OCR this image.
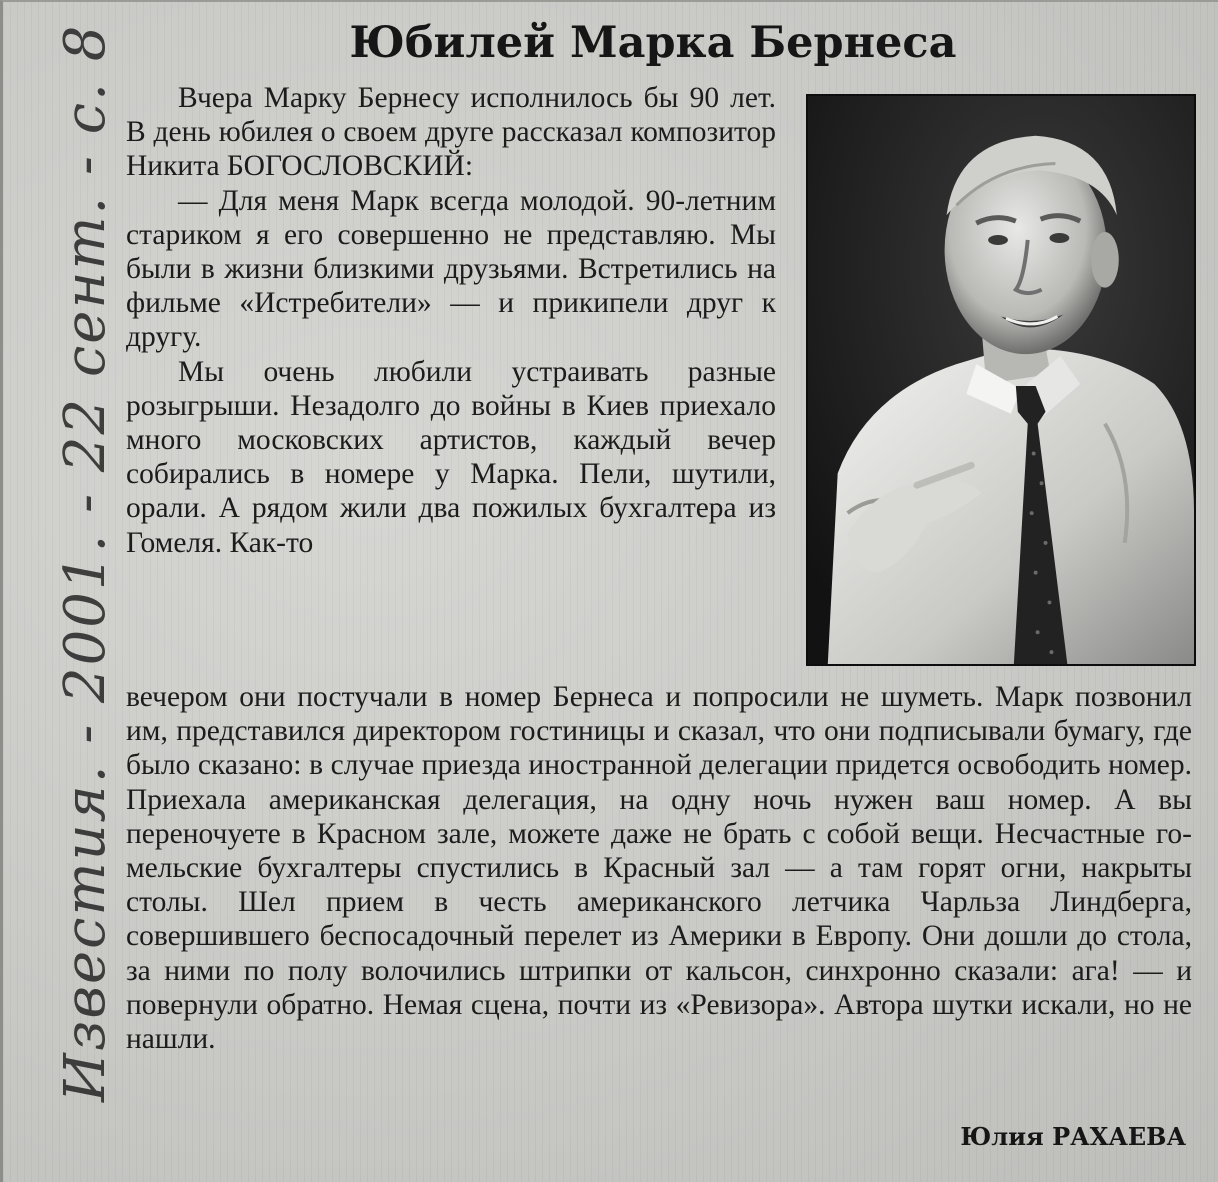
Юбилей Марка Бернеса

Вчера Марку Бернесу исполнилось бы 90 лет. В день юбилея о своем друге рассказал композитор Никита БОГОСЛОВСКИЙ:

— Для меня Марк всегда молодой. 90-летним стариком я его совершенно не представляю. Мы были в жизни близкими друзьями. Встретились на фильме «Истребители» — и прикипели друг к другу.

Мы очень любили устраивать разные розыгрыши. Незадолго до войны в Киев приехало много московских артистов, каждый вечер собирались в номере у Марка. Пели, шутили, орали. А рядом жили два пожилых бухгалтера из Гомеля. Как-то

вечером они постучали в номер Бернеса и попросили не шуметь. Марк позвонил им, представился директором гостиницы и сказал, что они подписывали бумагу, где было сказано: в случае приезда иностранной делегации придется освободить номер. Приехала американская делегация, на одну ночь нужен ваш номер. А вы переночуете в Красном зале, можете даже не брать с собой вещи. Несчастные гомельские бухгалтеры спустились в Красный зал — а там горят огни, накрыты столы. Шел прием в честь американского летчика Чарльза Линдберга, совершившего беспосадочный перелет из Америки в Европу. Они дошли до стола, за ними по полу волочились штрипки от кальсон, синхронно сказали: ага! — и повернули обратно. Немая сцена, почти из «Ревизора». Автора шутки искали, но не нашли.

Юлия РАХАЕВА

Известия. - 2001. - 22 сент. - с. 8
